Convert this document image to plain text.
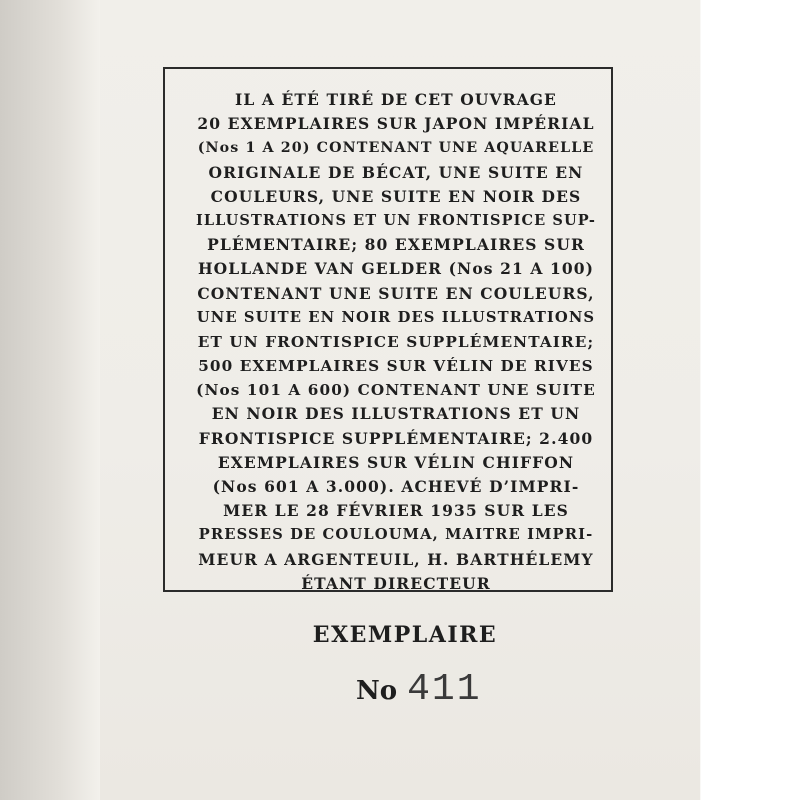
IL A ÉTÉ TIRÉ DE CET OUVRAGE
20 EXEMPLAIRES SUR JAPON IMPÉRIAL
(Nos 1 A 20) CONTENANT UNE AQUARELLE
ORIGINALE DE BÉCAT, UNE SUITE EN
COULEURS, UNE SUITE EN NOIR DES
ILLUSTRATIONS ET UN FRONTISPICE SUP-
PLÉMENTAIRE; 80 EXEMPLAIRES SUR
HOLLANDE VAN GELDER (Nos 21 A 100)
CONTENANT UNE SUITE EN COULEURS,
UNE SUITE EN NOIR DES ILLUSTRATIONS
ET UN FRONTISPICE SUPPLÉMENTAIRE;
500 EXEMPLAIRES SUR VÉLIN DE RIVES
(Nos 101 A 600) CONTENANT UNE SUITE
EN NOIR DES ILLUSTRATIONS ET UN
FRONTISPICE SUPPLÉMENTAIRE; 2.400
EXEMPLAIRES SUR VÉLIN CHIFFON
(Nos 601 A 3.000). ACHEVÉ D’IMPRI-
MER LE 28 FÉVRIER 1935 SUR LES
PRESSES DE COULOUMA, MAITRE IMPRI-
MEUR A ARGENTEUIL, H. BARTHÉLEMY
ÉTANT DIRECTEUR
EXEMPLAIRE
No 411
